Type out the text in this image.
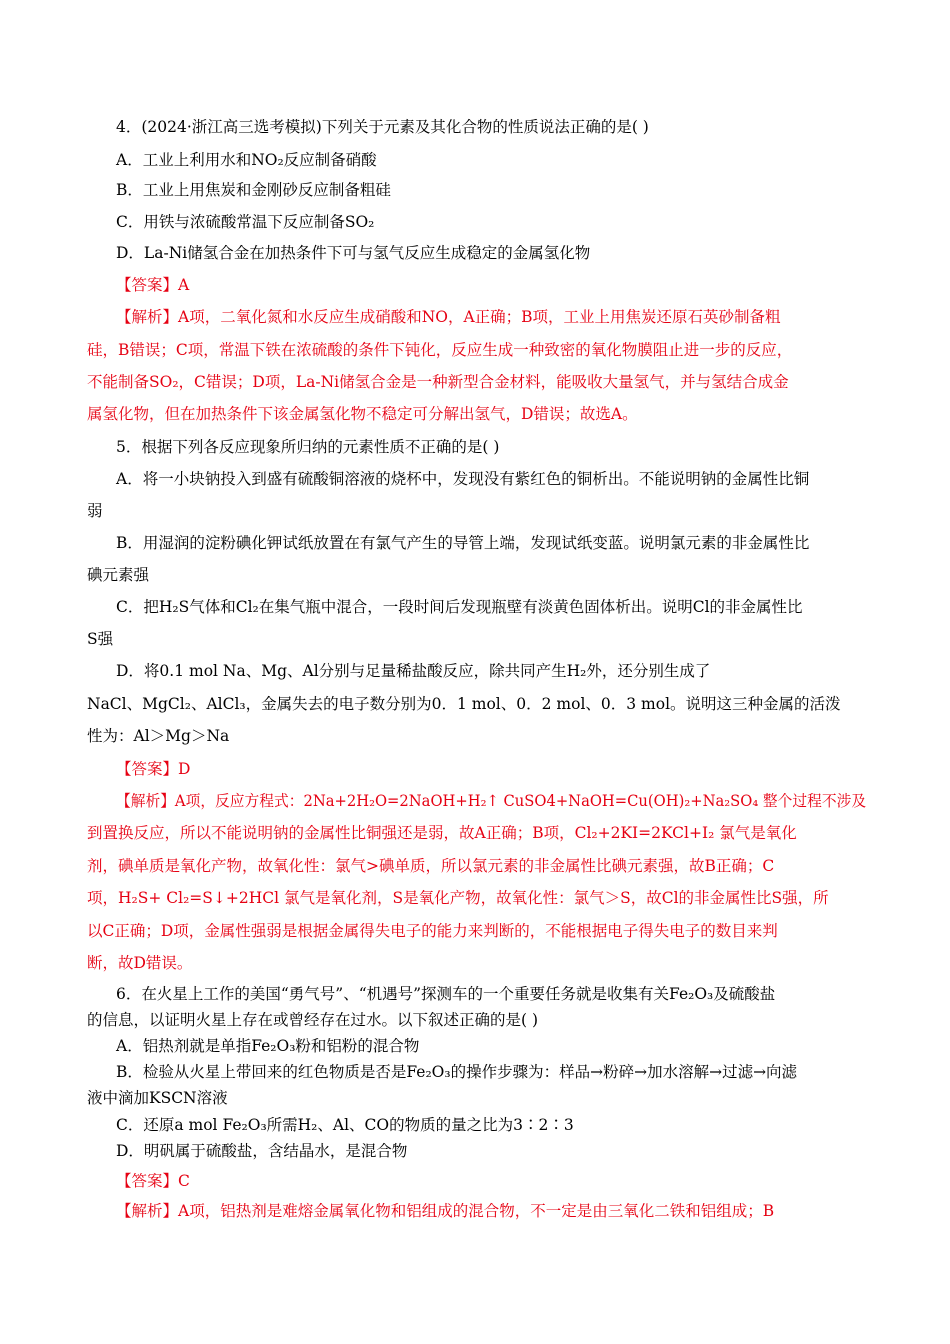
4．(2024·浙江高三选考模拟)下列关于元素及其化合物的性质说法正确的是( )
A．工业上利用水和NO₂反应制备硝酸
B．工业上用焦炭和金刚砂反应制备粗硅
C．用铁与浓硫酸常温下反应制备SO₂
D．La-Ni储氢合金在加热条件下可与氢气反应生成稳定的金属氢化物
【答案】A
【解析】A项，二氧化氮和水反应生成硝酸和NO，A正确；B项，工业上用焦炭还原石英砂制备粗
硅，B错误；C项，常温下铁在浓硫酸的条件下钝化，反应生成一种致密的氧化物膜阻止进一步的反应，
不能制备SO₂，C错误；D项，La-Ni储氢合金是一种新型合金材料，能吸收大量氢气，并与氢结合成金
属氢化物，但在加热条件下该金属氢化物不稳定可分解出氢气，D错误；故选A。
5．根据下列各反应现象所归纳的元素性质不正确的是( )
A．将一小块钠投入到盛有硫酸铜溶液的烧杯中，发现没有紫红色的铜析出。不能说明钠的金属性比铜
弱
B．用湿润的淀粉碘化钾试纸放置在有氯气产生的导管上端，发现试纸变蓝。说明氯元素的非金属性比
碘元素强
C．把H₂S气体和Cl₂在集气瓶中混合，一段时间后发现瓶壁有淡黄色固体析出。说明Cl的非金属性比
S强
D．将0.1 mol Na、Mg、Al分别与足量稀盐酸反应，除共同产生H₂外，还分别生成了
NaCl、MgCl₂、AlCl₃，金属失去的电子数分别为0．1 mol、0．2 mol、0．3 mol。说明这三种金属的活泼
性为：Al＞Mg＞Na
【答案】D
【解析】A项，反应方程式：2Na+2H₂O=2NaOH+H₂↑ CuSO4+NaOH=Cu(OH)₂+Na₂SO₄ 整个过程不涉及
到置换反应，所以不能说明钠的金属性比铜强还是弱，故A正确；B项，Cl₂+2KI=2KCl+I₂ 氯气是氧化
剂，碘单质是氧化产物，故氧化性：氯气>碘单质，所以氯元素的非金属性比碘元素强，故B正确；C
项，H₂S+ Cl₂=S↓+2HCl 氯气是氧化剂，S是氧化产物，故氧化性：氯气＞S，故Cl的非金属性比S强，所
以C正确；D项，金属性强弱是根据金属得失电子的能力来判断的，不能根据电子得失电子的数目来判
断，故D错误。
6．在火星上工作的美国“勇气号”、“机遇号”探测车的一个重要任务就是收集有关Fe₂O₃及硫酸盐
的信息，以证明火星上存在或曾经存在过水。以下叙述正确的是( )
A．铝热剂就是单指Fe₂O₃粉和铝粉的混合物
B．检验从火星上带回来的红色物质是否是Fe₂O₃的操作步骤为：样品→粉碎→加水溶解→过滤→向滤
液中滴加KSCN溶液
C．还原a mol Fe₂O₃所需H₂、Al、CO的物质的量之比为3∶2∶3
D．明矾属于硫酸盐，含结晶水，是混合物
【答案】C
【解析】A项，铝热剂是难熔金属氧化物和铝组成的混合物，不一定是由三氧化二铁和铝组成；B
